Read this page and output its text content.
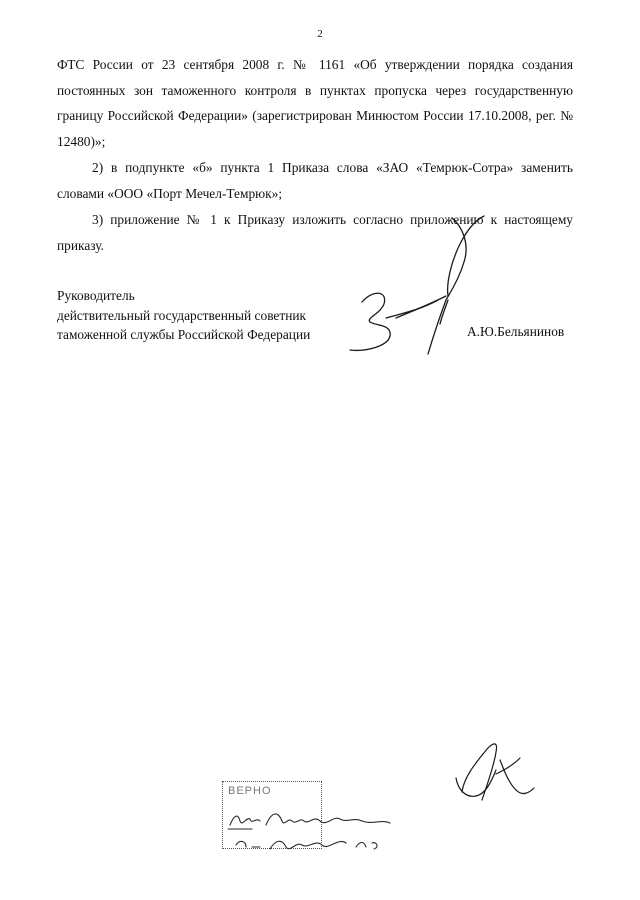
2

ФТС России от 23 сентября 2008 г. № 1161 «Об утверждении порядка создания постоянных зон таможенного контроля в пунктах пропуска через государственную границу Российской Федерации» (зарегистрирован Минюстом России 17.10.2008, рег. № 12480)»;

2) в подпункте «б» пункта 1 Приказа слова «ЗАО «Темрюк-Сотра» заменить словами «ООО «Порт Мечел-Темрюк»;

3) приложение № 1 к Приказу изложить согласно приложению к настоящему приказу.

Руководитель
действительный государственный советник
таможенной службы Российской Федерации	А.Ю.Бельянинов
ВЕРНО
